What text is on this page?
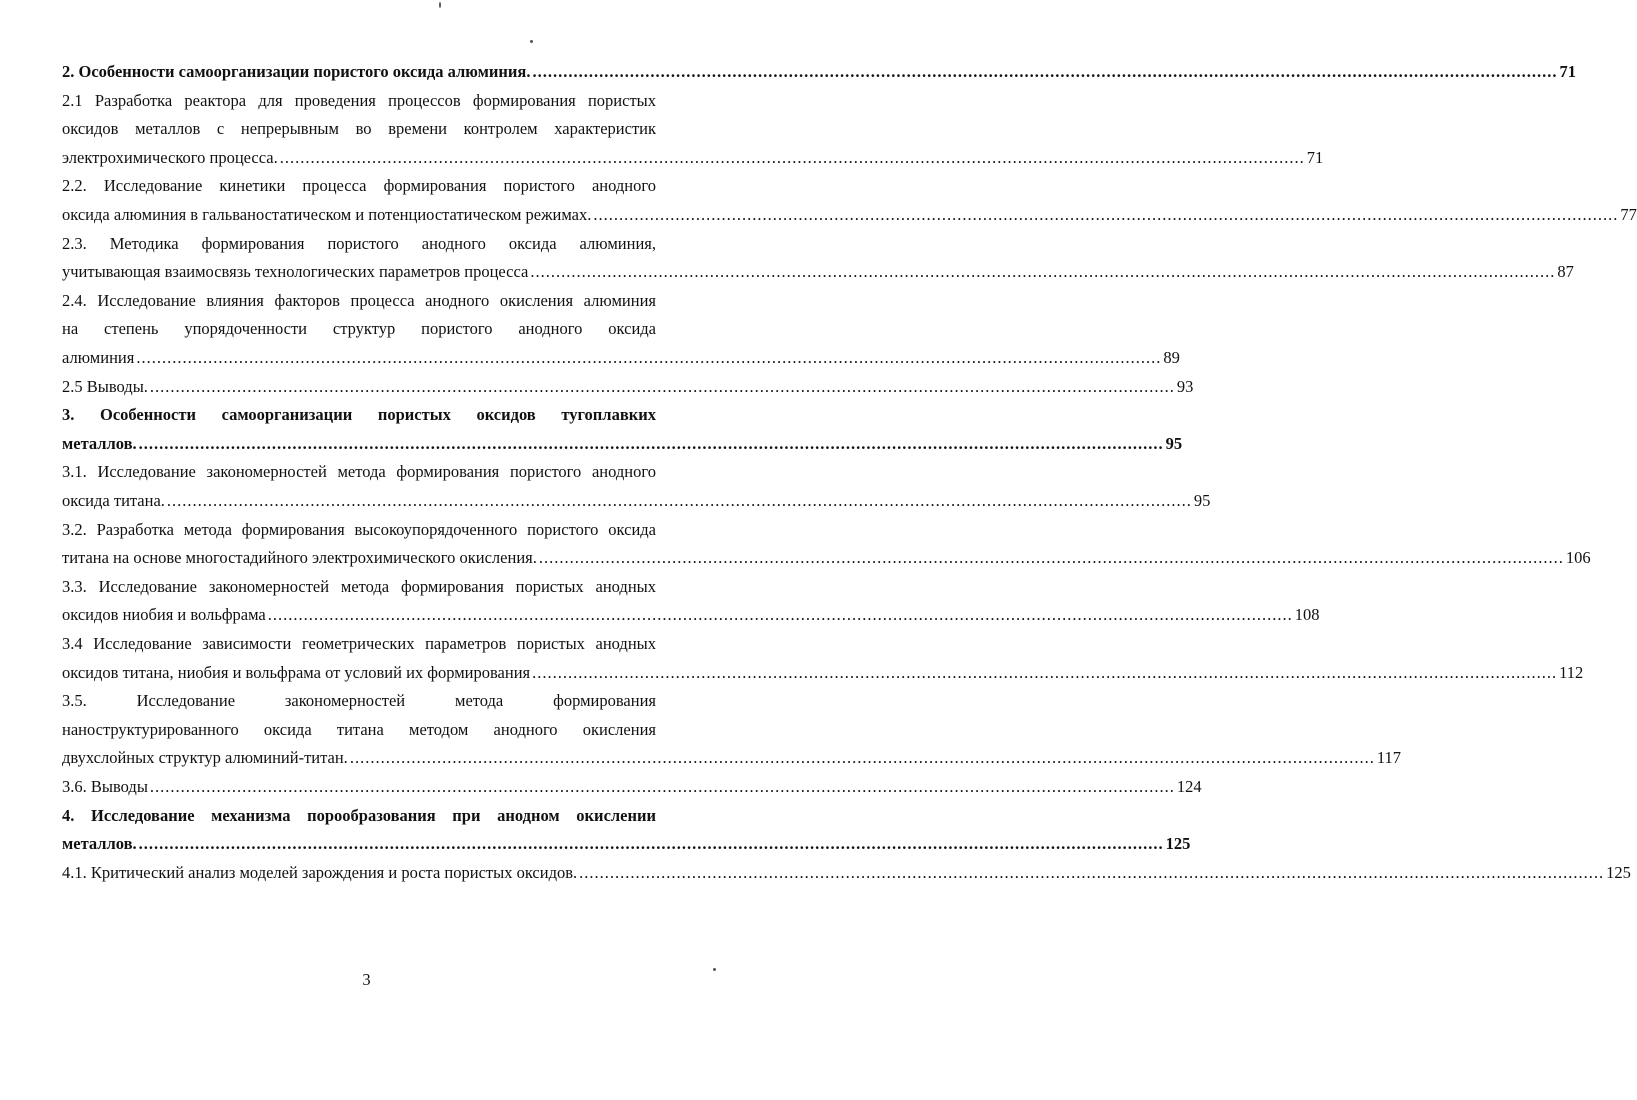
2. Особенности самоорганизации пористого оксида алюминия. ........................................................................................................................................................................................................ 71
2.1 Разработка реактора для проведения процессов формирования пористых
оксидов металлов с непрерывным во времени контролем характеристик
электрохимического процесса. ........................................................................................................................................................................................................ 71
2.2. Исследование кинетики процесса формирования пористого анодного
оксида алюминия в гальваностатическом и потенциостатическом режимах. ........................................................................................................................................................................................................ 77
2.3. Методика формирования пористого анодного оксида алюминия,
учитывающая взаимосвязь технологических параметров процесса ........................................................................................................................................................................................................ 87
2.4. Исследование влияния факторов процесса анодного окисления алюминия
на степень упорядоченности структур пористого анодного оксида
алюминия ........................................................................................................................................................................................................ 89
2.5 Выводы. ........................................................................................................................................................................................................ 93
3. Особенности самоорганизации пористых оксидов тугоплавких
металлов. ........................................................................................................................................................................................................ 95
3.1. Исследование закономерностей метода формирования пористого анодного
оксида титана. ........................................................................................................................................................................................................ 95
3.2. Разработка метода формирования высокоупорядоченного пористого оксида
титана на основе многостадийного электрохимического окисления. ........................................................................................................................................................................................................ 106
3.3. Исследование закономерностей метода формирования пористых анодных
оксидов ниобия и вольфрама ........................................................................................................................................................................................................ 108
3.4 Исследование зависимости геометрических параметров пористых анодных
оксидов титана, ниобия и вольфрама от условий их формирования ........................................................................................................................................................................................................ 112
3.5. Исследование закономерностей метода формирования
наноструктурированного оксида титана методом анодного окисления
двухслойных структур алюминий-титан. ........................................................................................................................................................................................................ 117
3.6. Выводы ........................................................................................................................................................................................................ 124
4. Исследование механизма порообразования при анодном окислении
металлов. ........................................................................................................................................................................................................ 125
4.1. Критический анализ моделей зарождения и роста пористых оксидов. ........................................................................................................................................................................................................ 125
3
